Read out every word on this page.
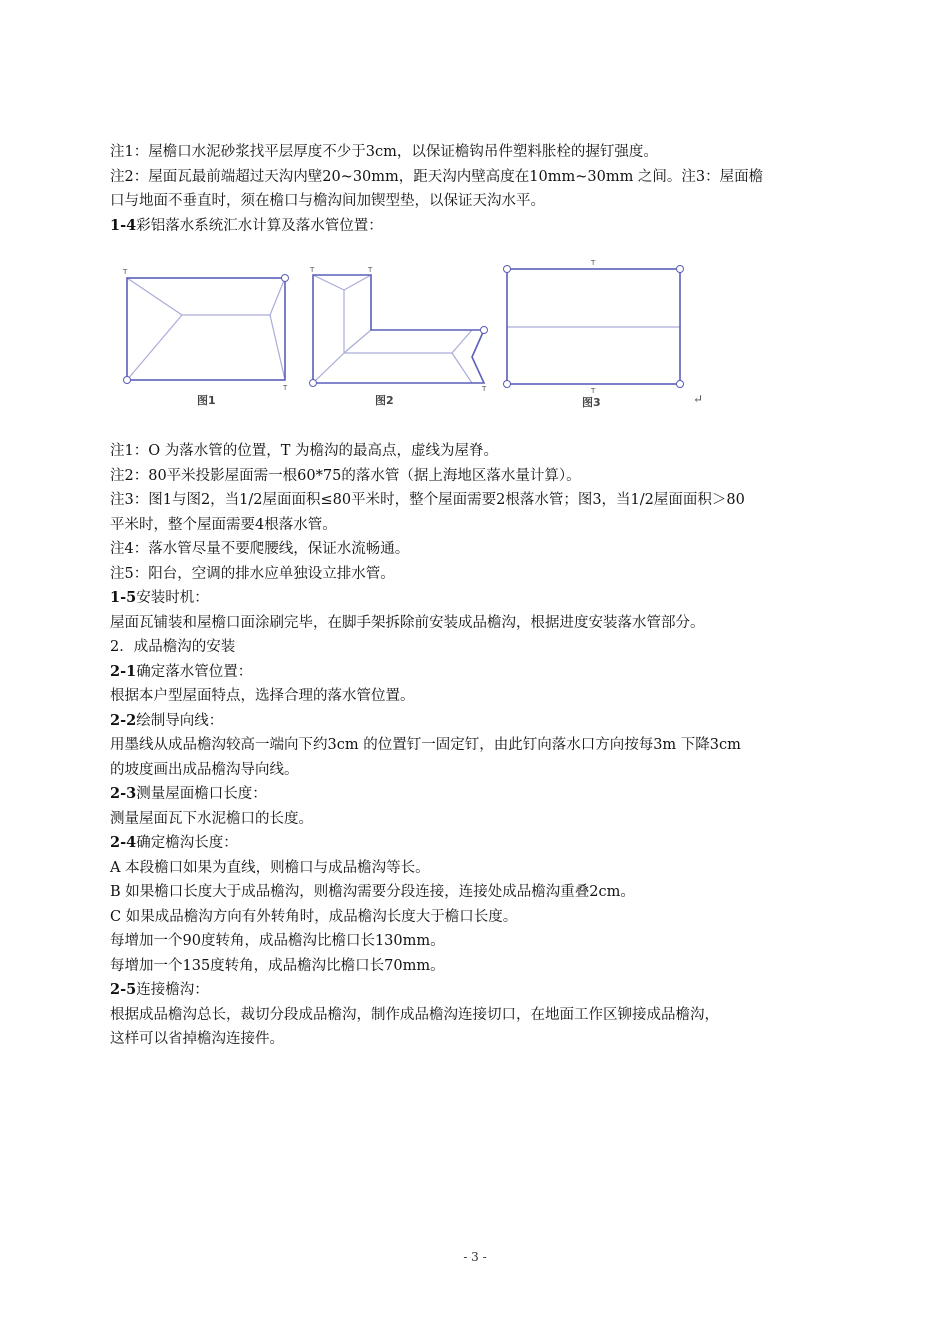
注1：屋檐口水泥砂浆找平层厚度不少于3cm，以保证檐钩吊件塑料胀栓的握钉强度。

注2：屋面瓦最前端超过天沟内壁20~30mm，距天沟内壁高度在10mm~30mm 之间。注3：屋面檐

口与地面不垂直时，须在檐口与檐沟间加锲型垫，以保证天沟水平。

1-4彩铝落水系统汇水计算及落水管位置：

T
T
T	T
T
T
T
图1	图2	图3	↵

注1：O 为落水管的位置，T 为檐沟的最高点，虚线为屋脊。

注2：80平米投影屋面需一根60*75的落水管（据上海地区落水量计算）。

注3：图1与图2，当1/2屋面面积≤80平米时，整个屋面需要2根落水管；图3，当1/2屋面面积＞80

平米时，整个屋面需要4根落水管。

注4：落水管尽量不要爬腰线，保证水流畅通。

注5：阳台，空调的排水应单独设立排水管。

1-5安装时机：

屋面瓦铺装和屋檐口面涂刷完毕，在脚手架拆除前安装成品檐沟，根据进度安装落水管部分。

2．成品檐沟的安装

2-1确定落水管位置：

根据本户型屋面特点，选择合理的落水管位置。

2-2绘制导向线：

用墨线从成品檐沟较高一端向下约3cm 的位置钉一固定钉，由此钉向落水口方向按每3m 下降3cm

的坡度画出成品檐沟导向线。

2-3测量屋面檐口长度：

测量屋面瓦下水泥檐口的长度。

2-4确定檐沟长度：

A 本段檐口如果为直线，则檐口与成品檐沟等长。

B 如果檐口长度大于成品檐沟，则檐沟需要分段连接，连接处成品檐沟重叠2cm。

C 如果成品檐沟方向有外转角时，成品檐沟长度大于檐口长度。

每增加一个90度转角，成品檐沟比檐口长130mm。

每增加一个135度转角，成品檐沟比檐口长70mm。

2-5连接檐沟：

根据成品檐沟总长，裁切分段成品檐沟，制作成品檐沟连接切口，在地面工作区铆接成品檐沟，

这样可以省掉檐沟连接件。

- 3 -
